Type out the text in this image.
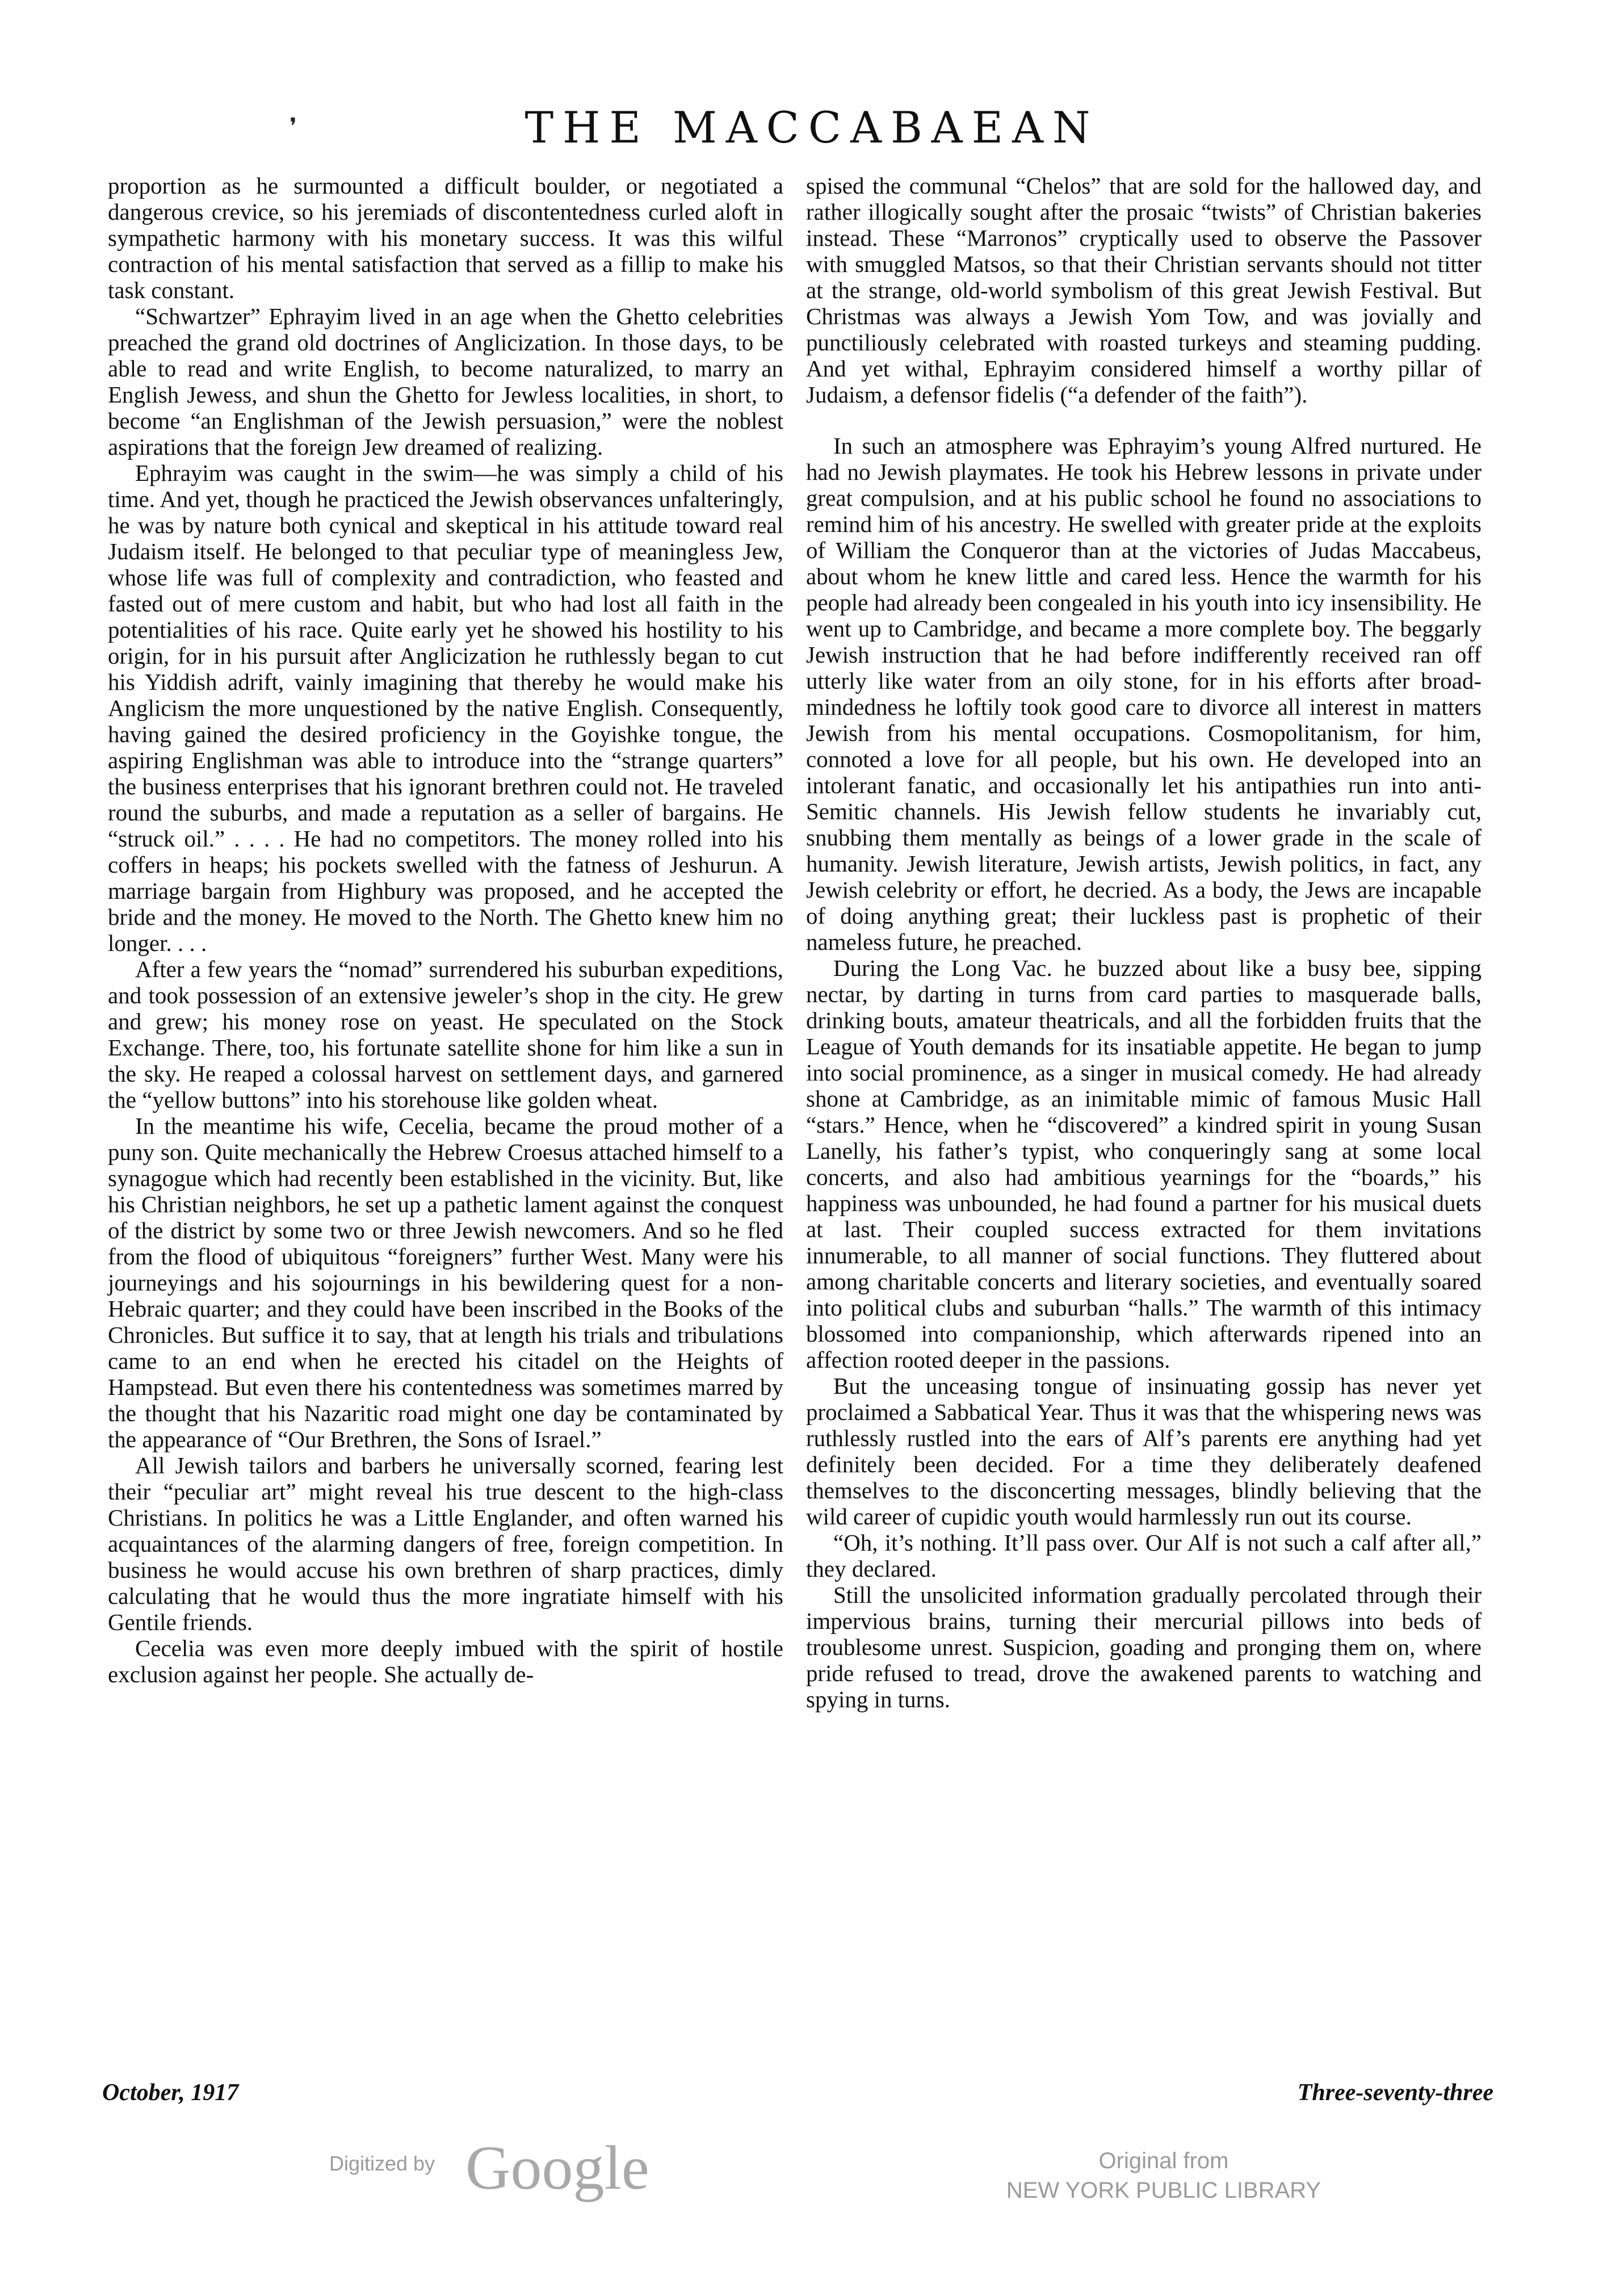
❜	THE MACCABAEAN

proportion as he surmounted a difficult boulder, or negotiated a dangerous crevice, so his jeremiads of discontentedness curled aloft in sympathetic harmony with his monetary success. It was this wilful contraction of his mental satisfaction that served as a fillip to make his task constant.

“Schwartzer” Ephrayim lived in an age when the Ghetto celebrities preached the grand old doctrines of Anglicization. In those days, to be able to read and write English, to become naturalized, to marry an English Jewess, and shun the Ghetto for Jewless localities, in short, to become “an Englishman of the Jewish persuasion,” were the noblest aspirations that the foreign Jew dreamed of realizing.

Ephrayim was caught in the swim—he was simply a child of his time. And yet, though he practiced the Jewish observances unfalteringly, he was by nature both cynical and skeptical in his attitude toward real Judaism itself. He belonged to that peculiar type of meaningless Jew, whose life was full of complexity and contradiction, who feasted and fasted out of mere custom and habit, but who had lost all faith in the potentialities of his race. Quite early yet he showed his hostility to his origin, for in his pursuit after Anglicization he ruthlessly began to cut his Yiddish adrift, vainly imagining that thereby he would make his Anglicism the more unquestioned by the native English. Consequently, having gained the desired proficiency in the Goyishke tongue, the aspiring Englishman was able to introduce into the “strange quarters” the business enterprises that his ignorant brethren could not. He traveled round the suburbs, and made a reputation as a seller of bargains. He “struck oil.” . . . . He had no competitors. The money rolled into his coffers in heaps; his pockets swelled with the fatness of Jeshurun. A marriage bargain from Highbury was proposed, and he accepted the bride and the money. He moved to the North. The Ghetto knew him no longer. . . .

After a few years the “nomad” surrendered his suburban expeditions, and took possession of an extensive jeweler’s shop in the city. He grew and grew; his money rose on yeast. He speculated on the Stock Exchange. There, too, his fortunate satellite shone for him like a sun in the sky. He reaped a colossal harvest on settlement days, and garnered the “yellow buttons” into his storehouse like golden wheat.

In the meantime his wife, Cecelia, became the proud mother of a puny son. Quite mechanically the Hebrew Croesus attached himself to a synagogue which had recently been established in the vicinity. But, like his Christian neighbors, he set up a pathetic lament against the conquest of the district by some two or three Jewish newcomers. And so he fled from the flood of ubiquitous “foreigners” further West. Many were his journeyings and his sojournings in his bewildering quest for a non-Hebraic quarter; and they could have been inscribed in the Books of the Chronicles. But suffice it to say, that at length his trials and tribulations came to an end when he erected his citadel on the Heights of Hampstead. But even there his contentedness was sometimes marred by the thought that his Nazaritic road might one day be contaminated by the appearance of “Our Brethren, the Sons of Israel.”

All Jewish tailors and barbers he universally scorned, fearing lest their “peculiar art” might reveal his true descent to the high-class Christians. In politics he was a Little Englander, and often warned his acquaintances of the alarming dangers of free, foreign competition. In business he would accuse his own brethren of sharp practices, dimly calculating that he would thus the more ingratiate himself with his Gentile friends.

Cecelia was even more deeply imbued with the spirit of hostile exclusion against her people. She actually de-

spised the communal “Chelos” that are sold for the hallowed day, and rather illogically sought after the prosaic “twists” of Christian bakeries instead. These “Marronos” cryptically used to observe the Passover with smuggled Matsos, so that their Christian servants should not titter at the strange, old-world symbolism of this great Jewish Festival. But Christmas was always a Jewish Yom Tow, and was jovially and punctiliously celebrated with roasted turkeys and steaming pudding. And yet withal, Ephrayim considered himself a worthy pillar of Judaism, a defensor fidelis (“a defender of the faith”).

In such an atmosphere was Ephrayim’s young Alfred nurtured. He had no Jewish playmates. He took his Hebrew lessons in private under great compulsion, and at his public school he found no associations to remind him of his ancestry. He swelled with greater pride at the exploits of William the Conqueror than at the victories of Judas Maccabeus, about whom he knew little and cared less. Hence the warmth for his people had already been congealed in his youth into icy insensibility. He went up to Cambridge, and became a more complete boy. The beggarly Jewish instruction that he had before indifferently received ran off utterly like water from an oily stone, for in his efforts after broad-mindedness he loftily took good care to divorce all interest in matters Jewish from his mental occupations. Cosmopolitanism, for him, connoted a love for all people, but his own. He developed into an intolerant fanatic, and occasionally let his antipathies run into anti-Semitic channels. His Jewish fellow students he invariably cut, snubbing them mentally as beings of a lower grade in the scale of humanity. Jewish literature, Jewish artists, Jewish politics, in fact, any Jewish celebrity or effort, he decried. As a body, the Jews are incapable of doing anything great; their luckless past is prophetic of their nameless future, he preached.

During the Long Vac. he buzzed about like a busy bee, sipping nectar, by darting in turns from card parties to masquerade balls, drinking bouts, amateur theatricals, and all the forbidden fruits that the League of Youth demands for its insatiable appetite. He began to jump into social prominence, as a singer in musical comedy. He had already shone at Cambridge, as an inimitable mimic of famous Music Hall “stars.” Hence, when he “discovered” a kindred spirit in young Susan Lanelly, his father’s typist, who conqueringly sang at some local concerts, and also had ambitious yearnings for the “boards,” his happiness was unbounded, he had found a partner for his musical duets at last. Their coupled success extracted for them invitations innumerable, to all manner of social functions. They fluttered about among charitable concerts and literary societies, and eventually soared into political clubs and suburban “halls.” The warmth of this intimacy blossomed into companionship, which afterwards ripened into an affection rooted deeper in the passions.

But the unceasing tongue of insinuating gossip has never yet proclaimed a Sabbatical Year. Thus it was that the whispering news was ruthlessly rustled into the ears of Alf’s parents ere anything had yet definitely been decided. For a time they deliberately deafened themselves to the disconcerting messages, blindly believing that the wild career of cupidic youth would harmlessly run out its course.

“Oh, it’s nothing. It’ll pass over. Our Alf is not such a calf after all,” they declared.

Still the unsolicited information gradually percolated through their impervious brains, turning their mercurial pillows into beds of troublesome unrest. Suspicion, goading and pronging them on, where pride refused to tread, drove the awakened parents to watching and spying in turns.

October, 1917	Three-seventy-three
Digitized by Google	Original from
NEW YORK PUBLIC LIBRARY
